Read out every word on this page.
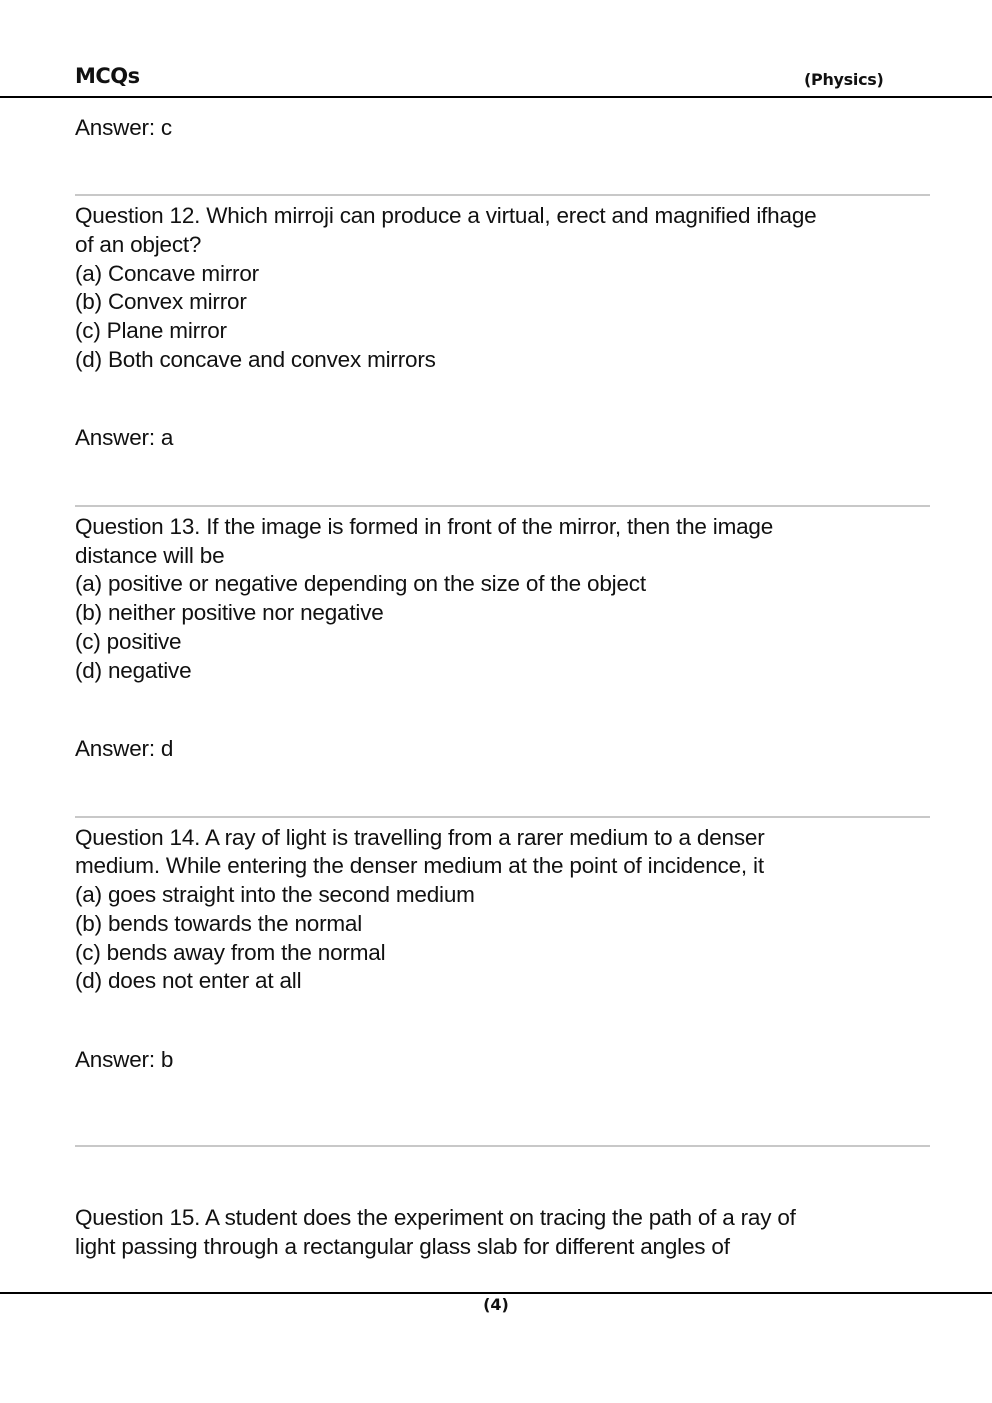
MCQs	(Physics)
Answer: c
Question 12. Which mirroji can produce a virtual, erect and magnified ifhage
of an object?
(a) Concave mirror
(b) Convex mirror
(c) Plane mirror
(d) Both concave and convex mirrors
Answer: a
Question 13. If the image is formed in front of the mirror, then the image
distance will be
(a) positive or negative depending on the size of the object
(b) neither positive nor negative
(c) positive
(d) negative
Answer: d
Question 14. A ray of light is travelling from a rarer medium to a denser
medium. While entering the denser medium at the point of incidence, it
(a) goes straight into the second medium
(b) bends towards the normal
(c) bends away from the normal
(d) does not enter at all
Answer: b
Question 15. A student does the experiment on tracing the path of a ray of
light passing through a rectangular glass slab for different angles of
(4)
